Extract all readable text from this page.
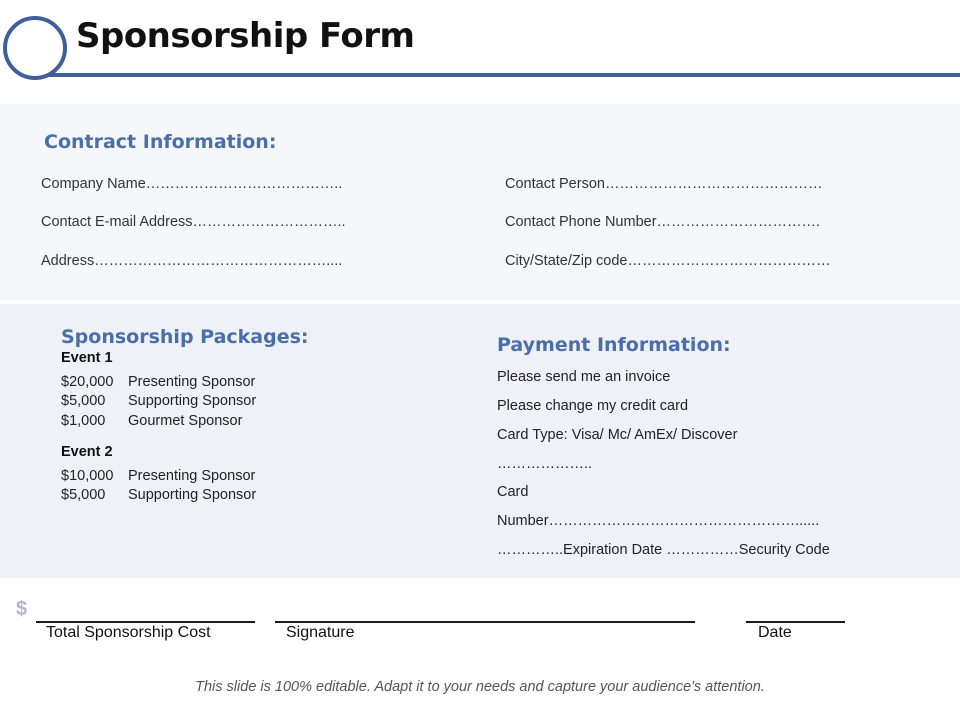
Sponsorship Form
Contract Information:
Company Name…………………………………..
Contact E-mail Address…………………………..
Address…………………………………………....
Contact Person………………………………………
Contact Phone Number…………………………….
City/State/Zip code……………………………………
Sponsorship Packages:
Event 1
$20,000 Presenting Sponsor
$5,000 Supporting Sponsor
$1,000 Gourmet Sponsor
Event 2
$10,000 Presenting Sponsor
$5,000 Supporting Sponsor
Payment Information:
Please send me an invoice
Please change my credit card
Card Type: Visa/ Mc/ AmEx/ Discover
………………..
Card
Number……………………………………………......
…………..Expiration Date ……………Security Code
$
Total Sponsorship Cost	Signature	Date
This slide is 100% editable. Adapt it to your needs and capture your audience's attention.
